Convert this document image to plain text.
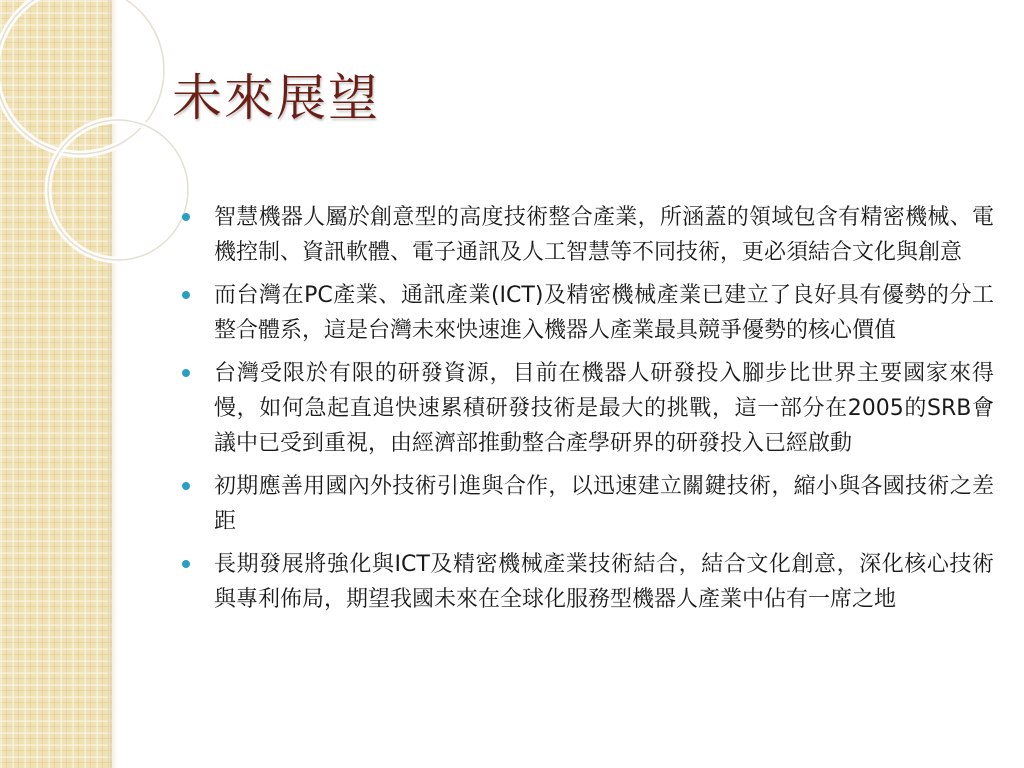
未來展望
智慧機器人屬於創意型的高度技術整合產業，所涵蓋的領域包含有精密機械、電機控制、資訊軟體、電子通訊及人工智慧等不同技術，更必須結合文化與創意
而台灣在PC產業、通訊產業(ICT)及精密機械產業已建立了良好具有優勢的分工整合體系，這是台灣未來快速進入機器人產業最具競爭優勢的核心價值
台灣受限於有限的研發資源，目前在機器人研發投入腳步比世界主要國家來得慢，如何急起直追快速累積研發技術是最大的挑戰，這一部分在2005的SRB會議中已受到重視，由經濟部推動整合產學研界的研發投入已經啟動
初期應善用國內外技術引進與合作，以迅速建立關鍵技術，縮小與各國技術之差距
長期發展將強化與ICT及精密機械產業技術結合，結合文化創意，深化核心技術與專利佈局，期望我國未來在全球化服務型機器人產業中佔有一席之地
